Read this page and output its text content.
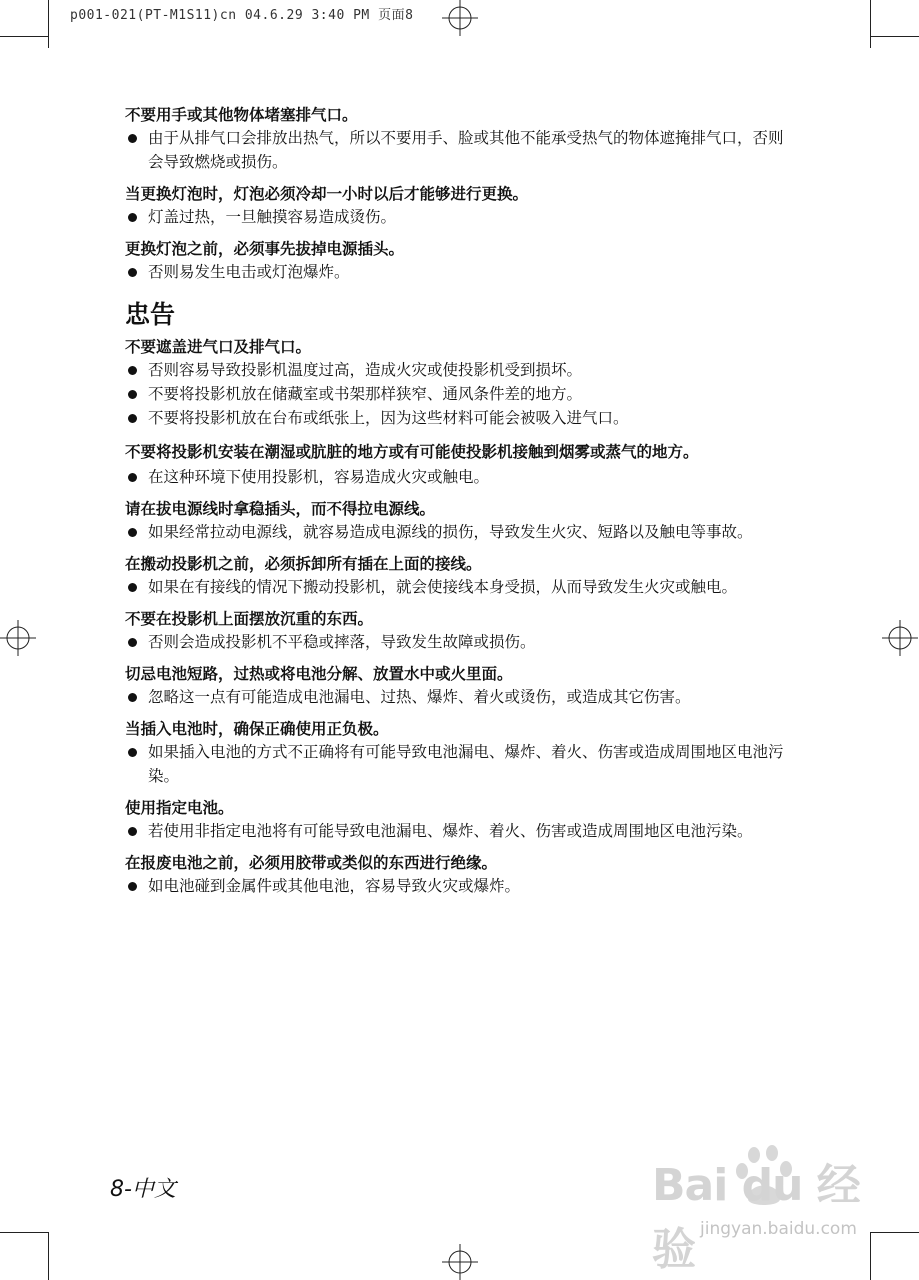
p001-021(PT-M1S11)cn 04.6.29 3:40 PM 页面8

不要用手或其他物体堵塞排气口。

由于从排气口会排放出热气，所以不要用手、脸或其他不能承受热气的物体遮掩排气口，否则会导致燃烧或损伤。

当更换灯泡时，灯泡必须冷却一小时以后才能够进行更换。

灯盖过热，一旦触摸容易造成烫伤。

更换灯泡之前，必须事先拔掉电源插头。

否则易发生电击或灯泡爆炸。

忠告

不要遮盖进气口及排气口。

否则容易导致投影机温度过高，造成火灾或使投影机受到损坏。

不要将投影机放在储藏室或书架那样狭窄、通风条件差的地方。

不要将投影机放在台布或纸张上，因为这些材料可能会被吸入进气口。

不要将投影机安装在潮湿或肮脏的地方或有可能使投影机接触到烟雾或蒸气的地方。

在这种环境下使用投影机，容易造成火灾或触电。

请在拔电源线时拿稳插头，而不得拉电源线。

如果经常拉动电源线，就容易造成电源线的损伤，导致发生火灾、短路以及触电等事故。

在搬动投影机之前，必须拆卸所有插在上面的接线。

如果在有接线的情况下搬动投影机，就会使接线本身受损，从而导致发生火灾或触电。

不要在投影机上面摆放沉重的东西。

否则会造成投影机不平稳或摔落，导致发生故障或损伤。

切忌电池短路，过热或将电池分解、放置水中或火里面。

忽略这一点有可能造成电池漏电、过热、爆炸、着火或烫伤，或造成其它伤害。

当插入电池时，确保正确使用正负极。

如果插入电池的方式不正确将有可能导致电池漏电、爆炸、着火、伤害或造成周围地区电池污染。

使用指定电池。

若使用非指定电池将有可能导致电池漏电、爆炸、着火、伤害或造成周围地区电池污染。

在报废电池之前，必须用胶带或类似的东西进行绝缘。

如电池碰到金属件或其他电池，容易导致火灾或爆炸。

8-中文	Bai du 经验 jingyan.baidu.com
